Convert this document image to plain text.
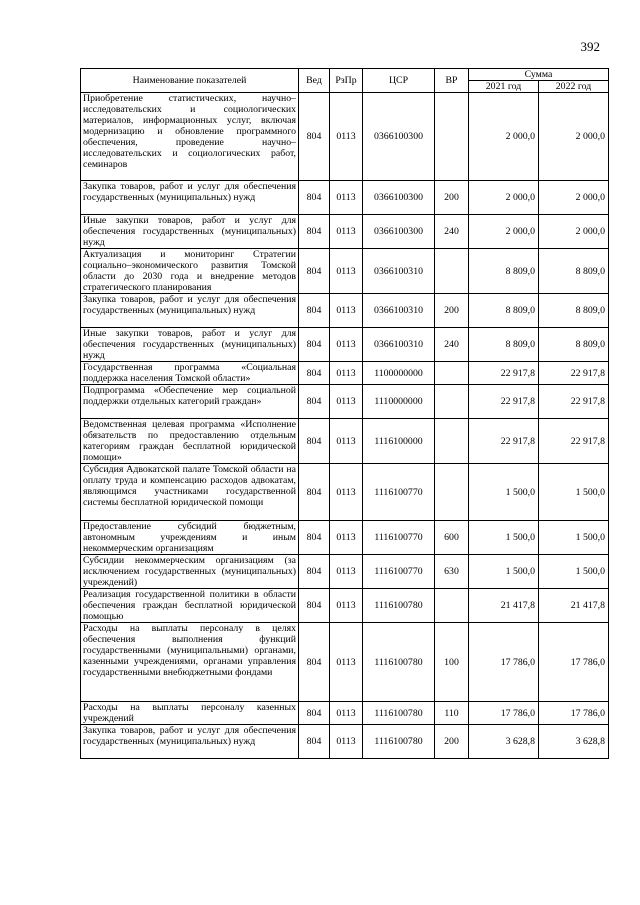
392
Наименование показателей	Вед	РзПр	ЦСР	ВР	Сумма	
					2021 год	2022 год
Приобретение статистических, научно–исследовательских и социологических материалов, информационных услуг, включая модернизацию и обновление программного обеспечения, проведение научно–исследовательских и социологических работ, семинаров	804	0113	0366100300		2 000,0	2 000,0
Закупка товаров, работ и услуг для обеспечения государственных (муниципальных) нужд	804	0113	0366100300	200	2 000,0	2 000,0
Иные закупки товаров, работ и услуг для обеспечения государственных (муниципальных) нужд	804	0113	0366100300	240	2 000,0	2 000,0
Актуализация и мониторинг Стратегии социально–экономического развития Томской области до 2030 года и внедрение методов стратегического планирования	804	0113	0366100310		8 809,0	8 809,0
Закупка товаров, работ и услуг для обеспечения государственных (муниципальных) нужд	804	0113	0366100310	200	8 809,0	8 809,0
Иные закупки товаров, работ и услуг для обеспечения государственных (муниципальных) нужд	804	0113	0366100310	240	8 809,0	8 809,0
Государственная программа «Социальная поддержка населения Томской области»	804	0113	1100000000		22 917,8	22 917,8
Подпрограмма «Обеспечение мер социальной поддержки отдельных категорий граждан»	804	0113	1110000000		22 917,8	22 917,8
Ведомственная целевая программа «Исполнение обязательств по предоставлению отдельным категориям граждан бесплатной юридической помощи»	804	0113	1116100000		22 917,8	22 917,8
Субсидия Адвокатской палате Томской области на оплату труда и компенсацию расходов адвокатам, являющимся участниками государственной системы бесплатной юридической помощи	804	0113	1116100770		1 500,0	1 500,0
Предоставление субсидий бюджетным, автономным учреждениям и иным некоммерческим организациям	804	0113	1116100770	600	1 500,0	1 500,0
Субсидии некоммерческим организациям (за исключением государственных (муниципальных) учреждений)	804	0113	1116100770	630	1 500,0	1 500,0
Реализация государственной политики в области обеспечения граждан бесплатной юридической помощью	804	0113	1116100780		21 417,8	21 417,8
Расходы на выплаты персоналу в целях обеспечения выполнения функций государственными (муниципальными) органами, казенными учреждениями, органами управления государственными внебюджетными фондами	804	0113	1116100780	100	17 786,0	17 786,0
Расходы на выплаты персоналу казенных учреждений	804	0113	1116100780	110	17 786,0	17 786,0
Закупка товаров, работ и услуг для обеспечения государственных (муниципальных) нужд	804	0113	1116100780	200	3 628,8	3 628,8
